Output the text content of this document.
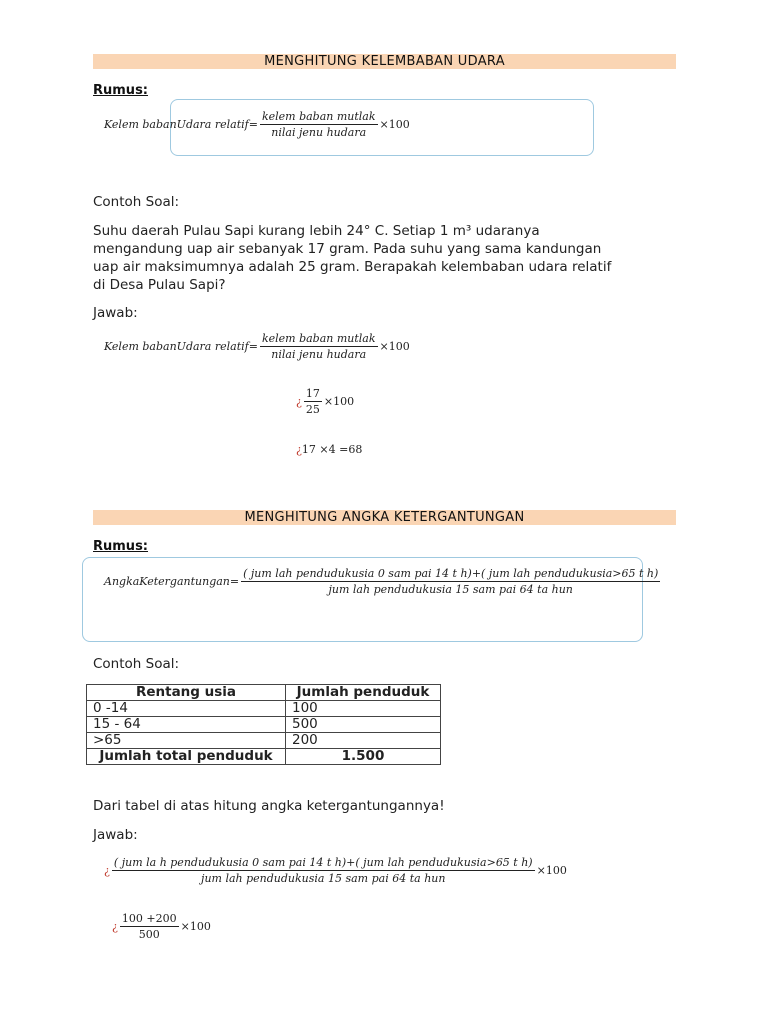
MENGHITUNG KELEMBABAN UDARA
Rumus:
Kelem babanUdara relatif = $\frac{\text{kelem baban mutlak}}{\text{nilai jenu hudara}} \times 100$
Contoh Soal:
Suhu daerah Pulau Sapi kurang lebih 24° C. Setiap 1 m³ udaranya mengandung uap air sebanyak 17 gram. Pada suhu yang sama kandungan uap air maksimumnya adalah 25 gram. Berapakah kelembaban udara relatif di Desa Pulau Sapi?
Jawab:
Kelem babanUdara relatif = $\frac{\text{kelem baban mutlak}}{\text{nilai jenu hudara}} \times 100$
¿ $\frac{17}{25} \times 100$
¿ 17 ×4 =68
MENGHITUNG ANGKA KETERGANTUNGAN
Rumus:
AngkaKetergantungan =
( jum lah pendudukusia 0 sam pai 14 t h)+( jum lah pendudukusia>65 t h)
jum lah pendudukusia 15 sam pai 64 ta hun
Contoh Soal:
Rentang usia	Jumlah penduduk
0 -14	100
15 - 64	500
>65	200
Jumlah total penduduk	1.500
Dari tabel di atas hitung angka ketergantungannya!
Jawab:
¿
( jum la h pendudukusia 0 sam pai 14 t h)+( jum lah pendudukusia>65 t h)
jum lah pendudukusia 15 sam pai 64 ta hun
×100
¿ $\frac{100 +200}{500} \times 100$
